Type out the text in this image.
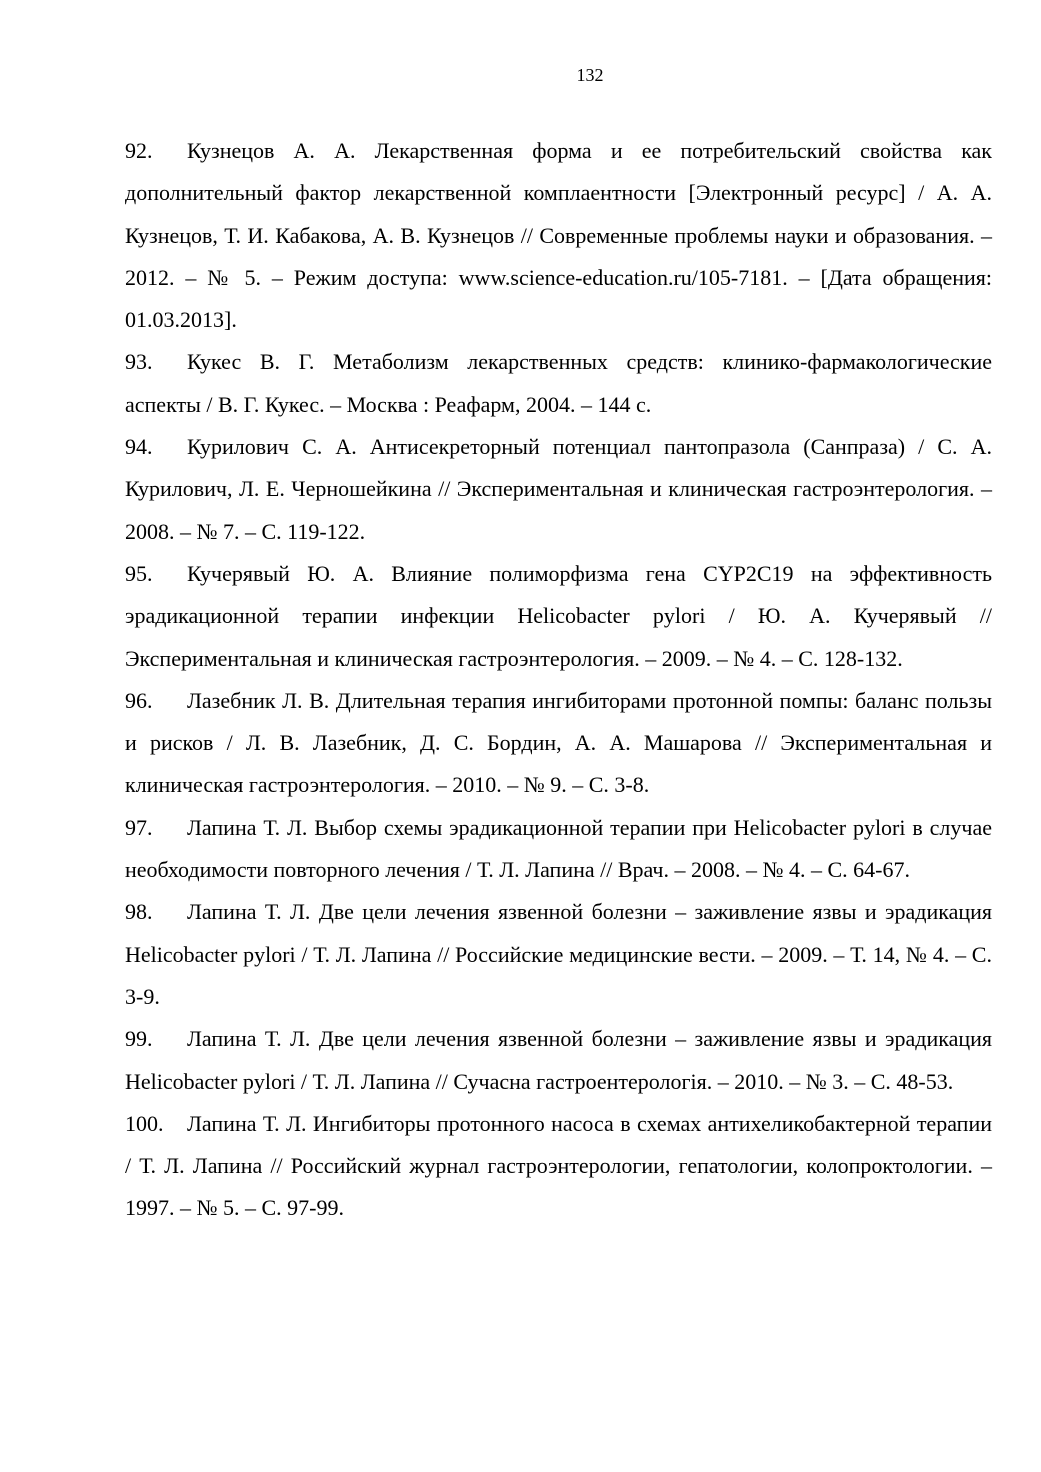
132

92. Кузнецов А. А. Лекарственная форма и ее потребительский свойства как дополнительный фактор лекарственной комплаентности [Электронный ресурс] / А. А. Кузнецов, Т. И. Кабакова, А. В. Кузнецов // Современные проблемы науки и образования. – 2012. – № 5. – Режим доступа: www.science-education.ru/105-7181. – [Дата обращения: 01.03.2013].

93. Кукес В. Г. Метаболизм лекарственных средств: клинико-фармакологические аспекты / В. Г. Кукес. – Москва : Реафарм, 2004. – 144 с.

94. Курилович С. А. Антисекреторный потенциал пантопразола (Санпраза) / С. А. Курилович, Л. Е. Черношейкина // Экспериментальная и клиническая гастроэнтерология. – 2008. – № 7. – С. 119-122.

95. Кучерявый Ю. А. Влияние полиморфизма гена CYP2C19 на эффективность эрадикационной терапии инфекции Helicobacter pylori / Ю. А. Кучерявый // Экспериментальная и клиническая гастроэнтерология. – 2009. – № 4. – С. 128-132.

96. Лазебник Л. В. Длительная терапия ингибиторами протонной помпы: баланс пользы и рисков / Л. В. Лазебник, Д. С. Бордин, А. А. Машарова // Экспериментальная и клиническая гастроэнтерология. – 2010. – № 9. – С. 3-8.

97. Лапина Т. Л. Выбор схемы эрадикационной терапии при Helicobacter pylori в случае необходимости повторного лечения / Т. Л. Лапина // Врач. – 2008. – № 4. – С. 64-67.

98. Лапина Т. Л. Две цели лечения язвенной болезни – заживление язвы и эрадикация Helicobacter pylori / Т. Л. Лапина // Российские медицинские вести. – 2009. – Т. 14, № 4. – С. 3-9.

99. Лапина Т. Л. Две цели лечения язвенной болезни – заживление язвы и эрадикация Helicobacter pylori / Т. Л. Лапина // Сучасна гастроентерологія. – 2010. – № 3. – С. 48-53.

100. Лапина Т. Л. Ингибиторы протонного насоса в схемах антихеликобактерной терапии / Т. Л. Лапина // Российский журнал гастроэнтерологии, гепатологии, колопроктологии. – 1997. – № 5. – С. 97-99.
